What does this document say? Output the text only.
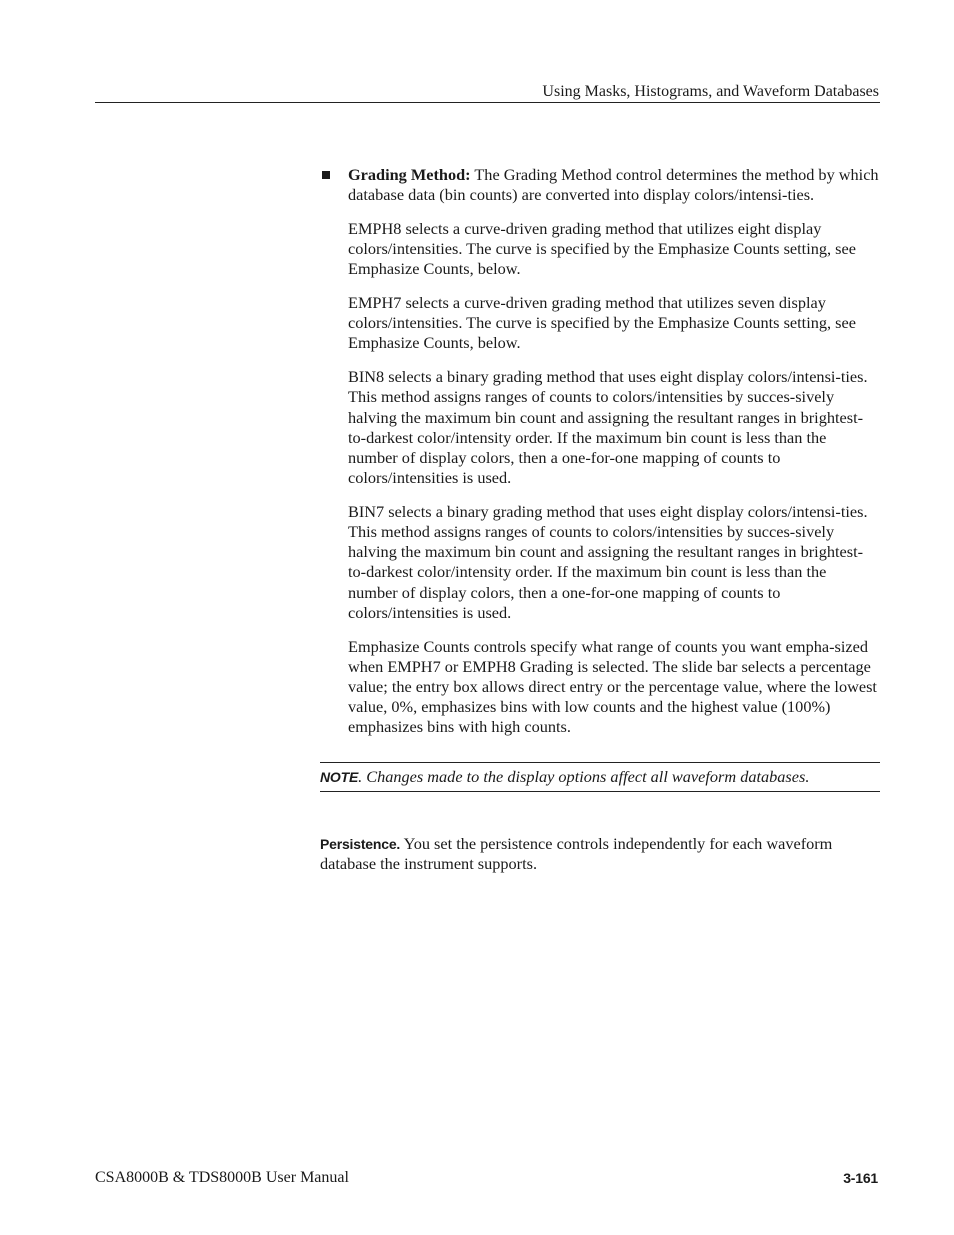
Using Masks, Histograms, and Waveform Databases

Grading Method: The Grading Method control determines the method by which database data (bin counts) are converted into display colors/intensi-ties.

EMPH8 selects a curve-driven grading method that utilizes eight display colors/intensities. The curve is specified by the Emphasize Counts setting, see Emphasize Counts, below.

EMPH7 selects a curve-driven grading method that utilizes seven display colors/intensities. The curve is specified by the Emphasize Counts setting, see Emphasize Counts, below.

BIN8 selects a binary grading method that uses eight display colors/intensi-ties. This method assigns ranges of counts to colors/intensities by succes-sively halving the maximum bin count and assigning the resultant ranges in brightest-to-darkest color/intensity order. If the maximum bin count is less than the number of display colors, then a one-for-one mapping of counts to colors/intensities is used.

BIN7 selects a binary grading method that uses eight display colors/intensi-ties. This method assigns ranges of counts to colors/intensities by succes-sively halving the maximum bin count and assigning the resultant ranges in brightest-to-darkest color/intensity order. If the maximum bin count is less than the number of display colors, then a one-for-one mapping of counts to colors/intensities is used.

Emphasize Counts controls specify what range of counts you want empha-sized when EMPH7 or EMPH8 Grading is selected. The slide bar selects a percentage value; the entry box allows direct entry or the percentage value, where the lowest value, 0%, emphasizes bins with low counts and the highest value (100%) emphasizes bins with high counts.

NOTE. Changes made to the display options affect all waveform databases.
Persistence. You set the persistence controls independently for each waveform database the instrument supports.
CSA8000B & TDS8000B User Manual	3-161
